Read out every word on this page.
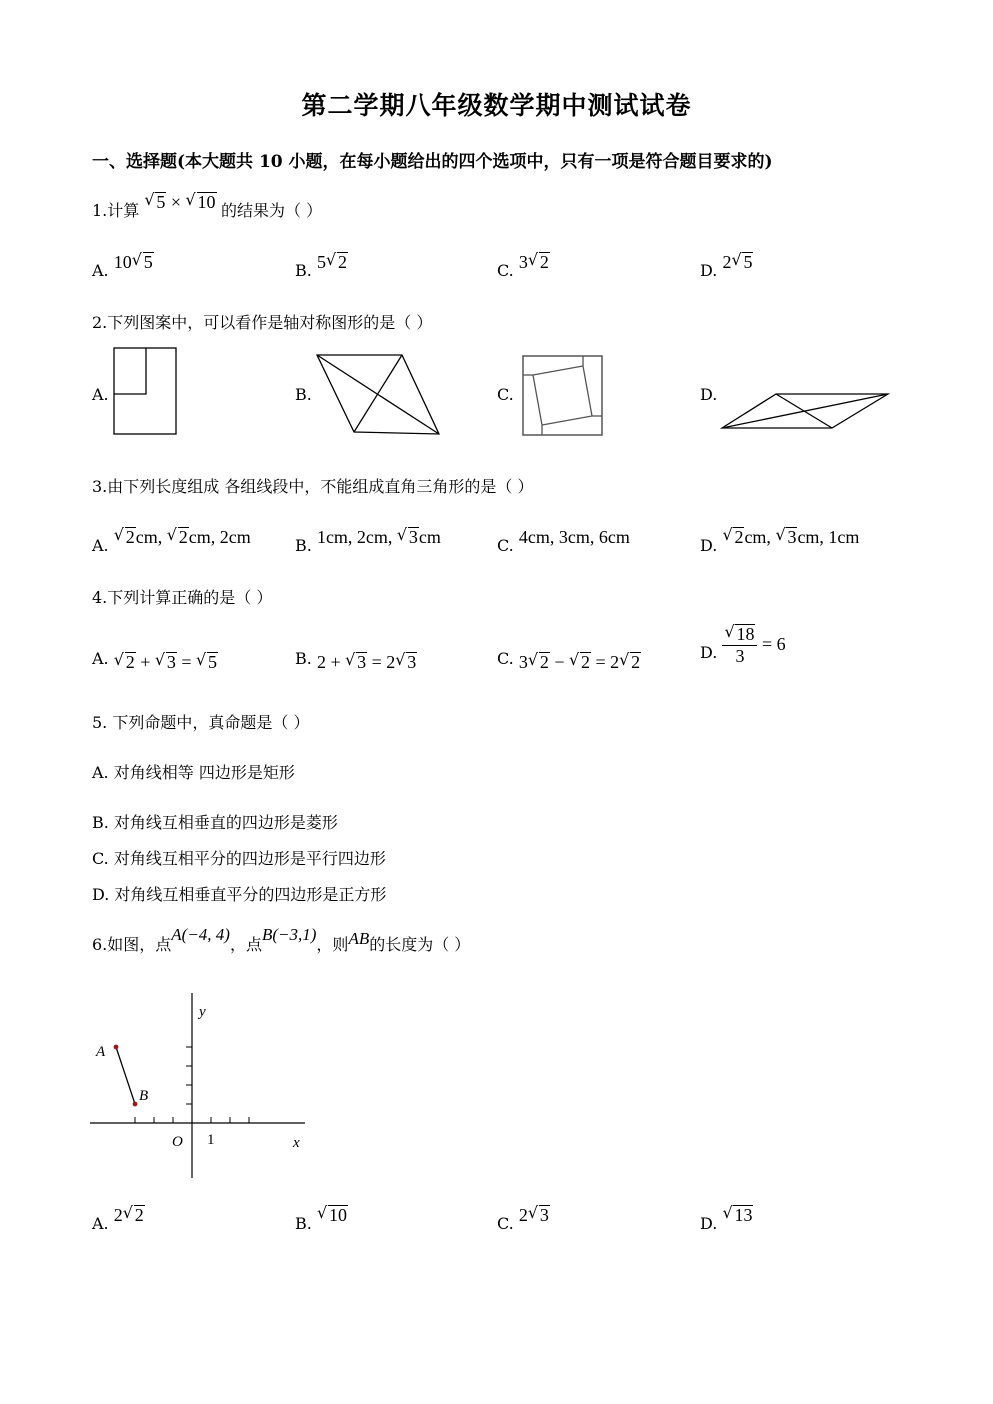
第二学期八年级数学期中测试试卷
一、选择题(本大题共 10 小题，在每小题给出的四个选项中，只有一项是符合题目要求的)
1.计算 √ 5 × √ 10 的结果为（ ）
A. 10 √ 5	B. 5 √ 2	C. 3 √ 2	D. 2 √ 5
2.下列图案中，可以看作是轴对称图形的是（ ）
A.	B.	C.	D.
3.由下列长度组成 各组线段中，不能组成直角三角形的是（ ）
A. √ 2cm, √ 2cm, 2cm	B. 1cm, 2cm, √ 3cm	C. 4cm, 3cm, 6cm	D. √ 2cm, √ 3cm, 1cm
4.下列计算正确的是（ ）
A. √ 2 + √ 3 = √ 5	B. 2 + √ 3 = 2 √ 3	C. 3 √ 2 − √ 2 = 2 √ 2	D. √ $\frac{18}{3} = 6$
5. 下列命题中，真命题是（ ）
A. 对角线相等 四边形是矩形
B. 对角线互相垂直的四边形是菱形
C. 对角线互相平分的四边形是平行四边形
D. 对角线互相垂直平分的四边形是正方形
6.如图，点A(−4, 4)，点B(−3,1)，则AB的长度为（ ）
y
x
O 1
A
B
A. 2 √ 2	B. √ 10	C. 2 √ 3	D. √ 13
